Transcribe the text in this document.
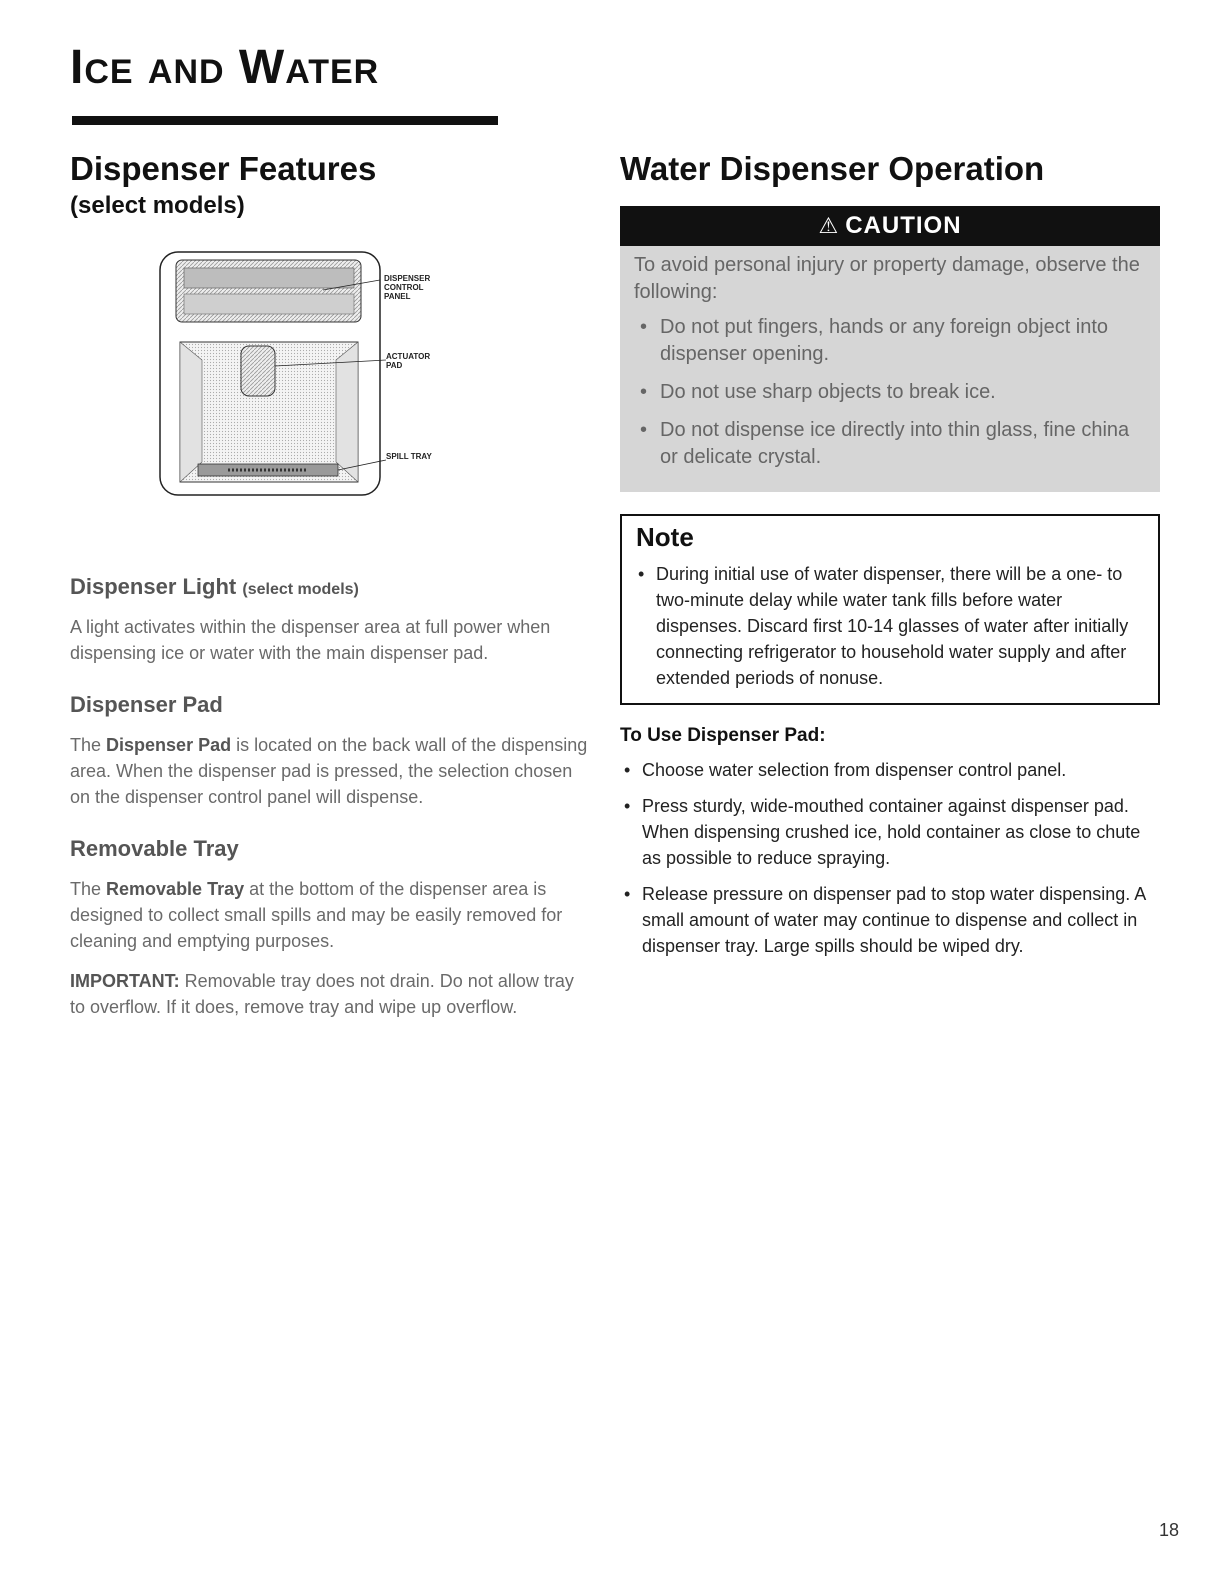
Ice and Water
Dispenser Features
(select models)
DISPENSER CONTROL PANEL
ACTUATOR PAD
SPILL TRAY
Dispenser Light (select models)

A light activates within the dispenser area at full power when dispensing ice or water with the main dispenser pad.

Dispenser Pad

The Dispenser Pad is located on the back wall of the dispensing area. When the dispenser pad is pressed, the selection chosen on the dispenser control panel will dispense.

Removable Tray

The Removable Tray at the bottom of the dispenser area is designed to collect small spills and may be easily removed for cleaning and emptying purposes.

IMPORTANT: Removable tray does not drain. Do not allow tray to overflow. If it does, remove tray and wipe up overflow.

Water Dispenser Operation
⚠ CAUTION

To avoid personal injury or property damage, observe the following:

• Do not put fingers, hands or any foreign object into dispenser opening.
• Do not use sharp objects to break ice.
• Do not dispense ice directly into thin glass, fine china or delicate crystal.
Note
• During initial use of water dispenser, there will be a one- to two-minute delay while water tank fills before water dispenses. Discard first 10-14 glasses of water after initially connecting refrigerator to household water supply and after extended periods of nonuse.
To Use Dispenser Pad:
• Choose water selection from dispenser control panel.
• Press sturdy, wide-mouthed container against dispenser pad. When dispensing crushed ice, hold container as close to chute as possible to reduce spraying.
• Release pressure on dispenser pad to stop water dispensing. A small amount of water may continue to dispense and collect in dispenser tray. Large spills should be wiped dry.
18
